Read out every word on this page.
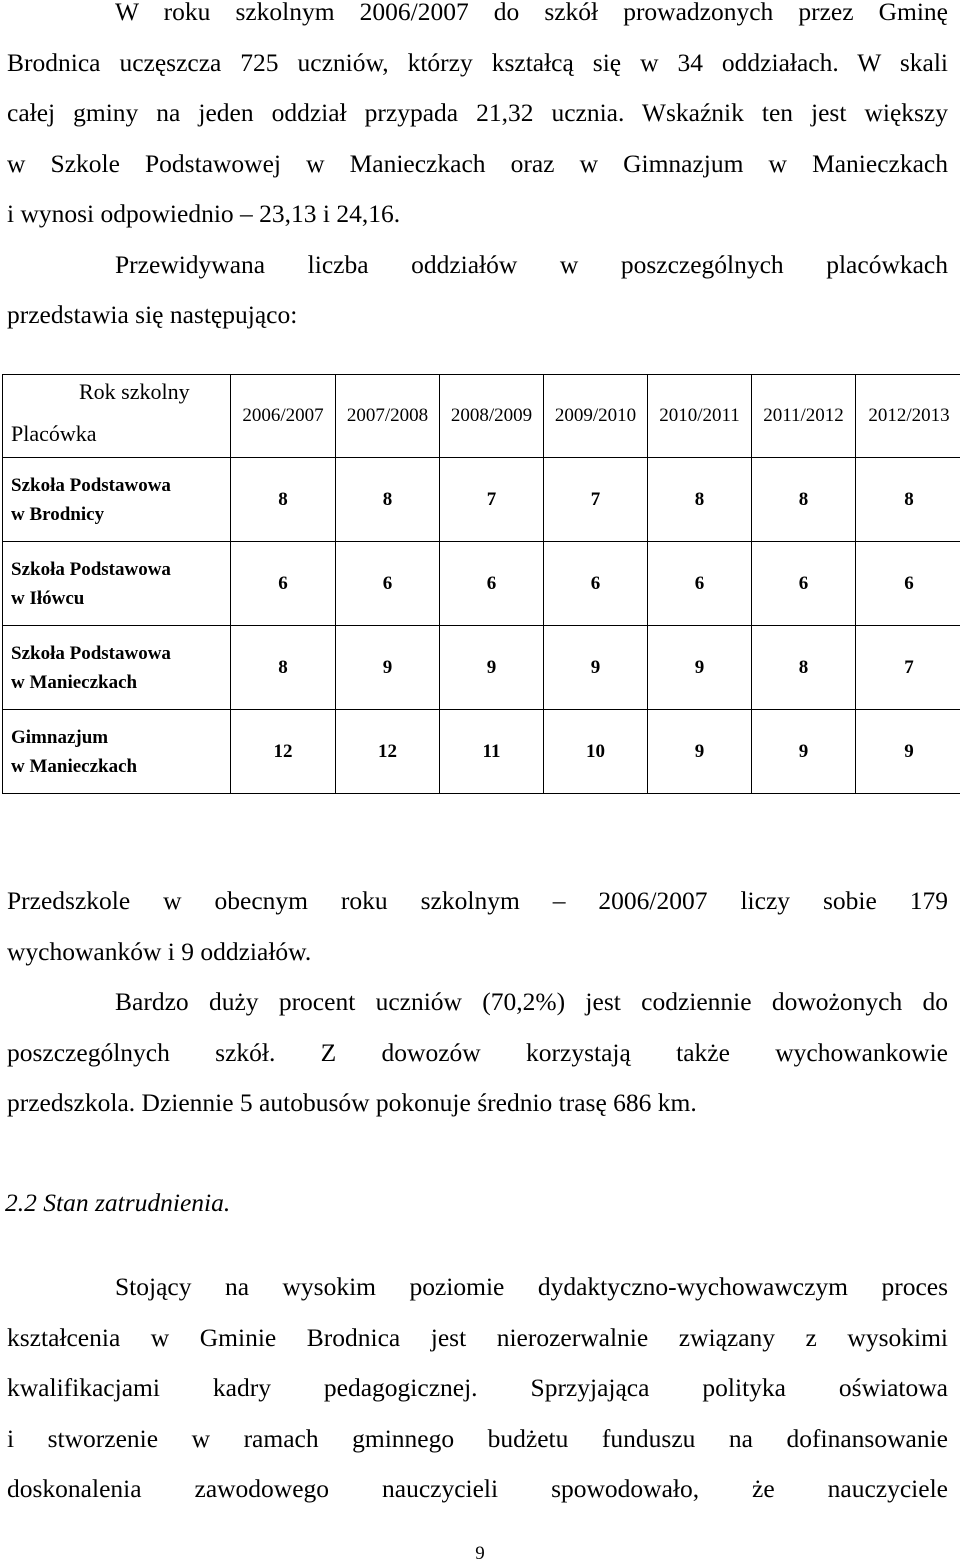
W roku szkolnym 2006/2007 do szkół prowadzonych przez Gminę
Brodnica uczęszcza 725 uczniów, którzy kształcą się w 34 oddziałach. W skali
całej gminy na jeden oddział przypada 21,32 ucznia. Wskaźnik ten jest większy
w Szkole Podstawowej w Manieczkach oraz w Gimnazjum w Manieczkach
i wynosi odpowiednio – 23,13 i 24,16.
Przewidywana liczba oddziałów w poszczególnych placówkach
przedstawia się następująco:
Rok szkolny
Placówka	2006/2007	2007/2008	2008/2009	2009/2010	2010/2011	2011/2012	2012/2013

Szkoła Podstawowa
w Brodnicy	8	8	7	7	8	8	8

Szkoła Podstawowa
w Iłówcu	6	6	6	6	6	6	6

Szkoła Podstawowa
w Manieczkach	8	9	9	9	9	8	7

Gimnazjum
w Manieczkach	12	12	11	10	9	9	9
Przedszkole w obecnym roku szkolnym – 2006/2007 liczy sobie 179
wychowanków i 9 oddziałów.
Bardzo duży procent uczniów (70,2%) jest codziennie dowożonych do
poszczególnych szkół. Z dowozów korzystają także wychowankowie
przedszkola. Dziennie 5 autobusów pokonuje średnio trasę 686 km.
2.2 Stan zatrudnienia.
Stojący na wysokim poziomie dydaktyczno-wychowawczym proces
kształcenia w Gminie Brodnica jest nierozerwalnie związany z wysokimi
kwalifikacjami kadry pedagogicznej. Sprzyjająca polityka oświatowa
i stworzenie w ramach gminnego budżetu funduszu na dofinansowanie
doskonalenia zawodowego nauczycieli spowodowało, że nauczyciele
9
